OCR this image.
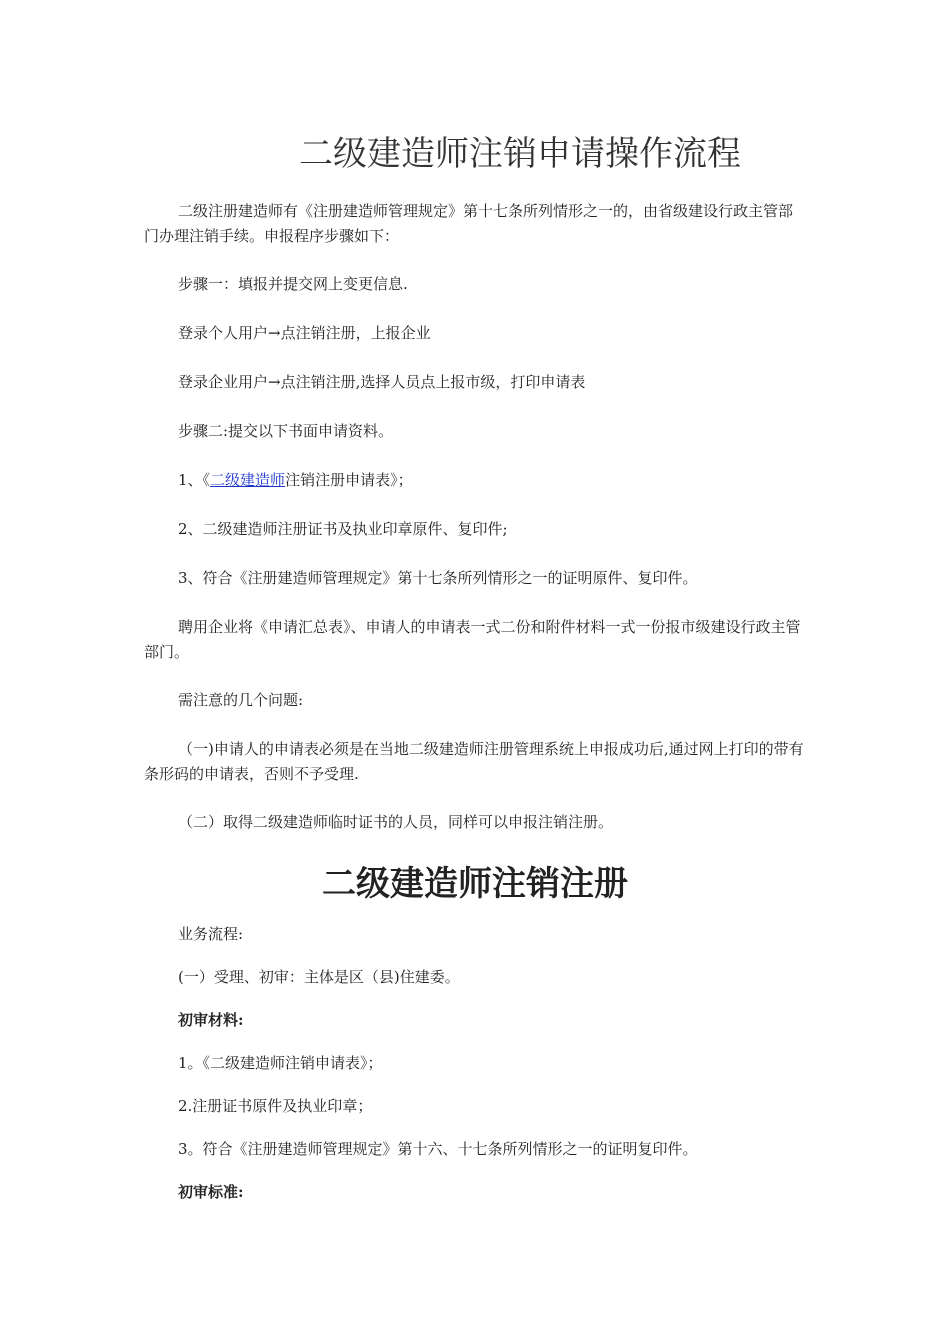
二级建造师注销申请操作流程

二级注册建造师有《注册建造师管理规定》第十七条所列情形之一的，由省级建设行政主管部门办理注销手续。申报程序步骤如下：

步骤一：填报并提交网上变更信息.

登录个人用户→点注销注册，上报企业

登录企业用户→点注销注册,选择人员点上报市级，打印申请表

步骤二:提交以下书面申请资料。

1、《二级建造师注销注册申请表》；

2、二级建造师注册证书及执业印章原件、复印件;

3、符合《注册建造师管理规定》第十七条所列情形之一的证明原件、复印件。

聘用企业将《申请汇总表》、申请人的申请表一式二份和附件材料一式一份报市级建设行政主管部门。

需注意的几个问题:

（一)申请人的申请表必须是在当地二级建造师注册管理系统上申报成功后,通过网上打印的带有条形码的申请表，否则不予受理.

（二）取得二级建造师临时证书的人员，同样可以申报注销注册。

二级建造师注销注册

业务流程:

(一）受理、初审：主体是区（县)住建委。

初审材料:

1。《二级建造师注销申请表》；

2.注册证书原件及执业印章；

3。符合《注册建造师管理规定》第十六、十七条所列情形之一的证明复印件。

初审标准:
